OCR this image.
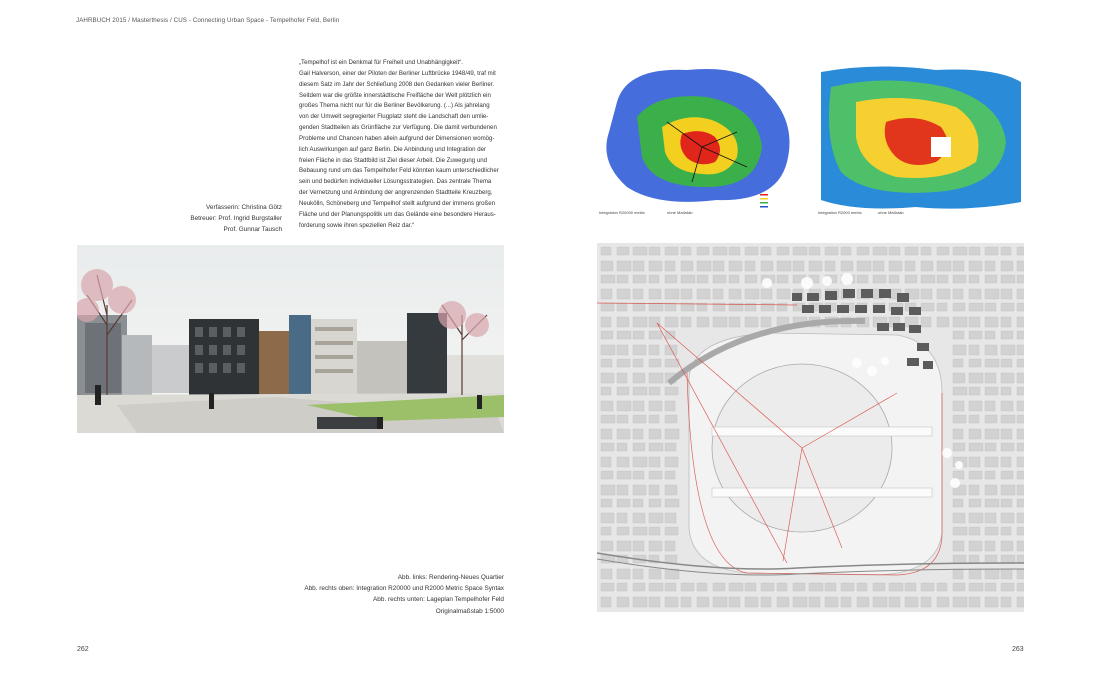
JAHRBUCH 2015 / Masterthesis / CUS - Connecting Urban Space - Tempelhofer Feld, Berlin
„Tempelhof ist ein Denkmal für Freiheit und Unabhängigkeit“.
Gail Halverson, einer der Piloten der Berliner Luftbrücke 1948/49, traf mit
diesem Satz im Jahr der Schließung 2008 den Gedanken vieler Berliner.
Seitdem war die größte innerstädtische Freifläche der Welt plötzlich ein
großes Thema nicht nur für die Berliner Bevölkerung. (...) Als jahrelang
von der Umwelt segregierter Flugplatz steht die Landschaft den umlie-
genden Stadtteilen als Grünfläche zur Verfügung. Die damit verbundenen
Probleme und Chancen haben allein aufgrund der Dimensionen womög-
lich Auswirkungen auf ganz Berlin. Die Anbindung und Integration der
freien Fläche in das Stadtbild ist Ziel dieser Arbeit. Die Zuwegung und
Bebauung rund um das Tempelhofer Feld könnten kaum unterschiedlicher
sein und bedürfen individueller Lösungsstrategien. Das zentrale Thema
der Vernetzung und Anbindung der angrenzenden Stadtteile Kreuzberg,
Neukölln, Schöneberg und Tempelhof stellt aufgrund der immens großen
Fläche und der Planungspolitik um das Gelände eine besondere Heraus-
forderung sowie ihren speziellen Reiz dar.“
Verfasserin: Christina Götz
Betreuer: Prof. Ingrid Burgstaller
Prof. Gunnar Tausch
Abb. links: Rendering-Neues Quartier
Abb. rechts oben: Integration R20000 und R2000 Metric Space Syntax
Abb. rechts unten: Lageplan Tempelhofer Feld
Originalmaßstab 1:5000
262	263
Integration R20000 metric	ohne Maßstab	Integration R2000 metric	ohne Maßstab
